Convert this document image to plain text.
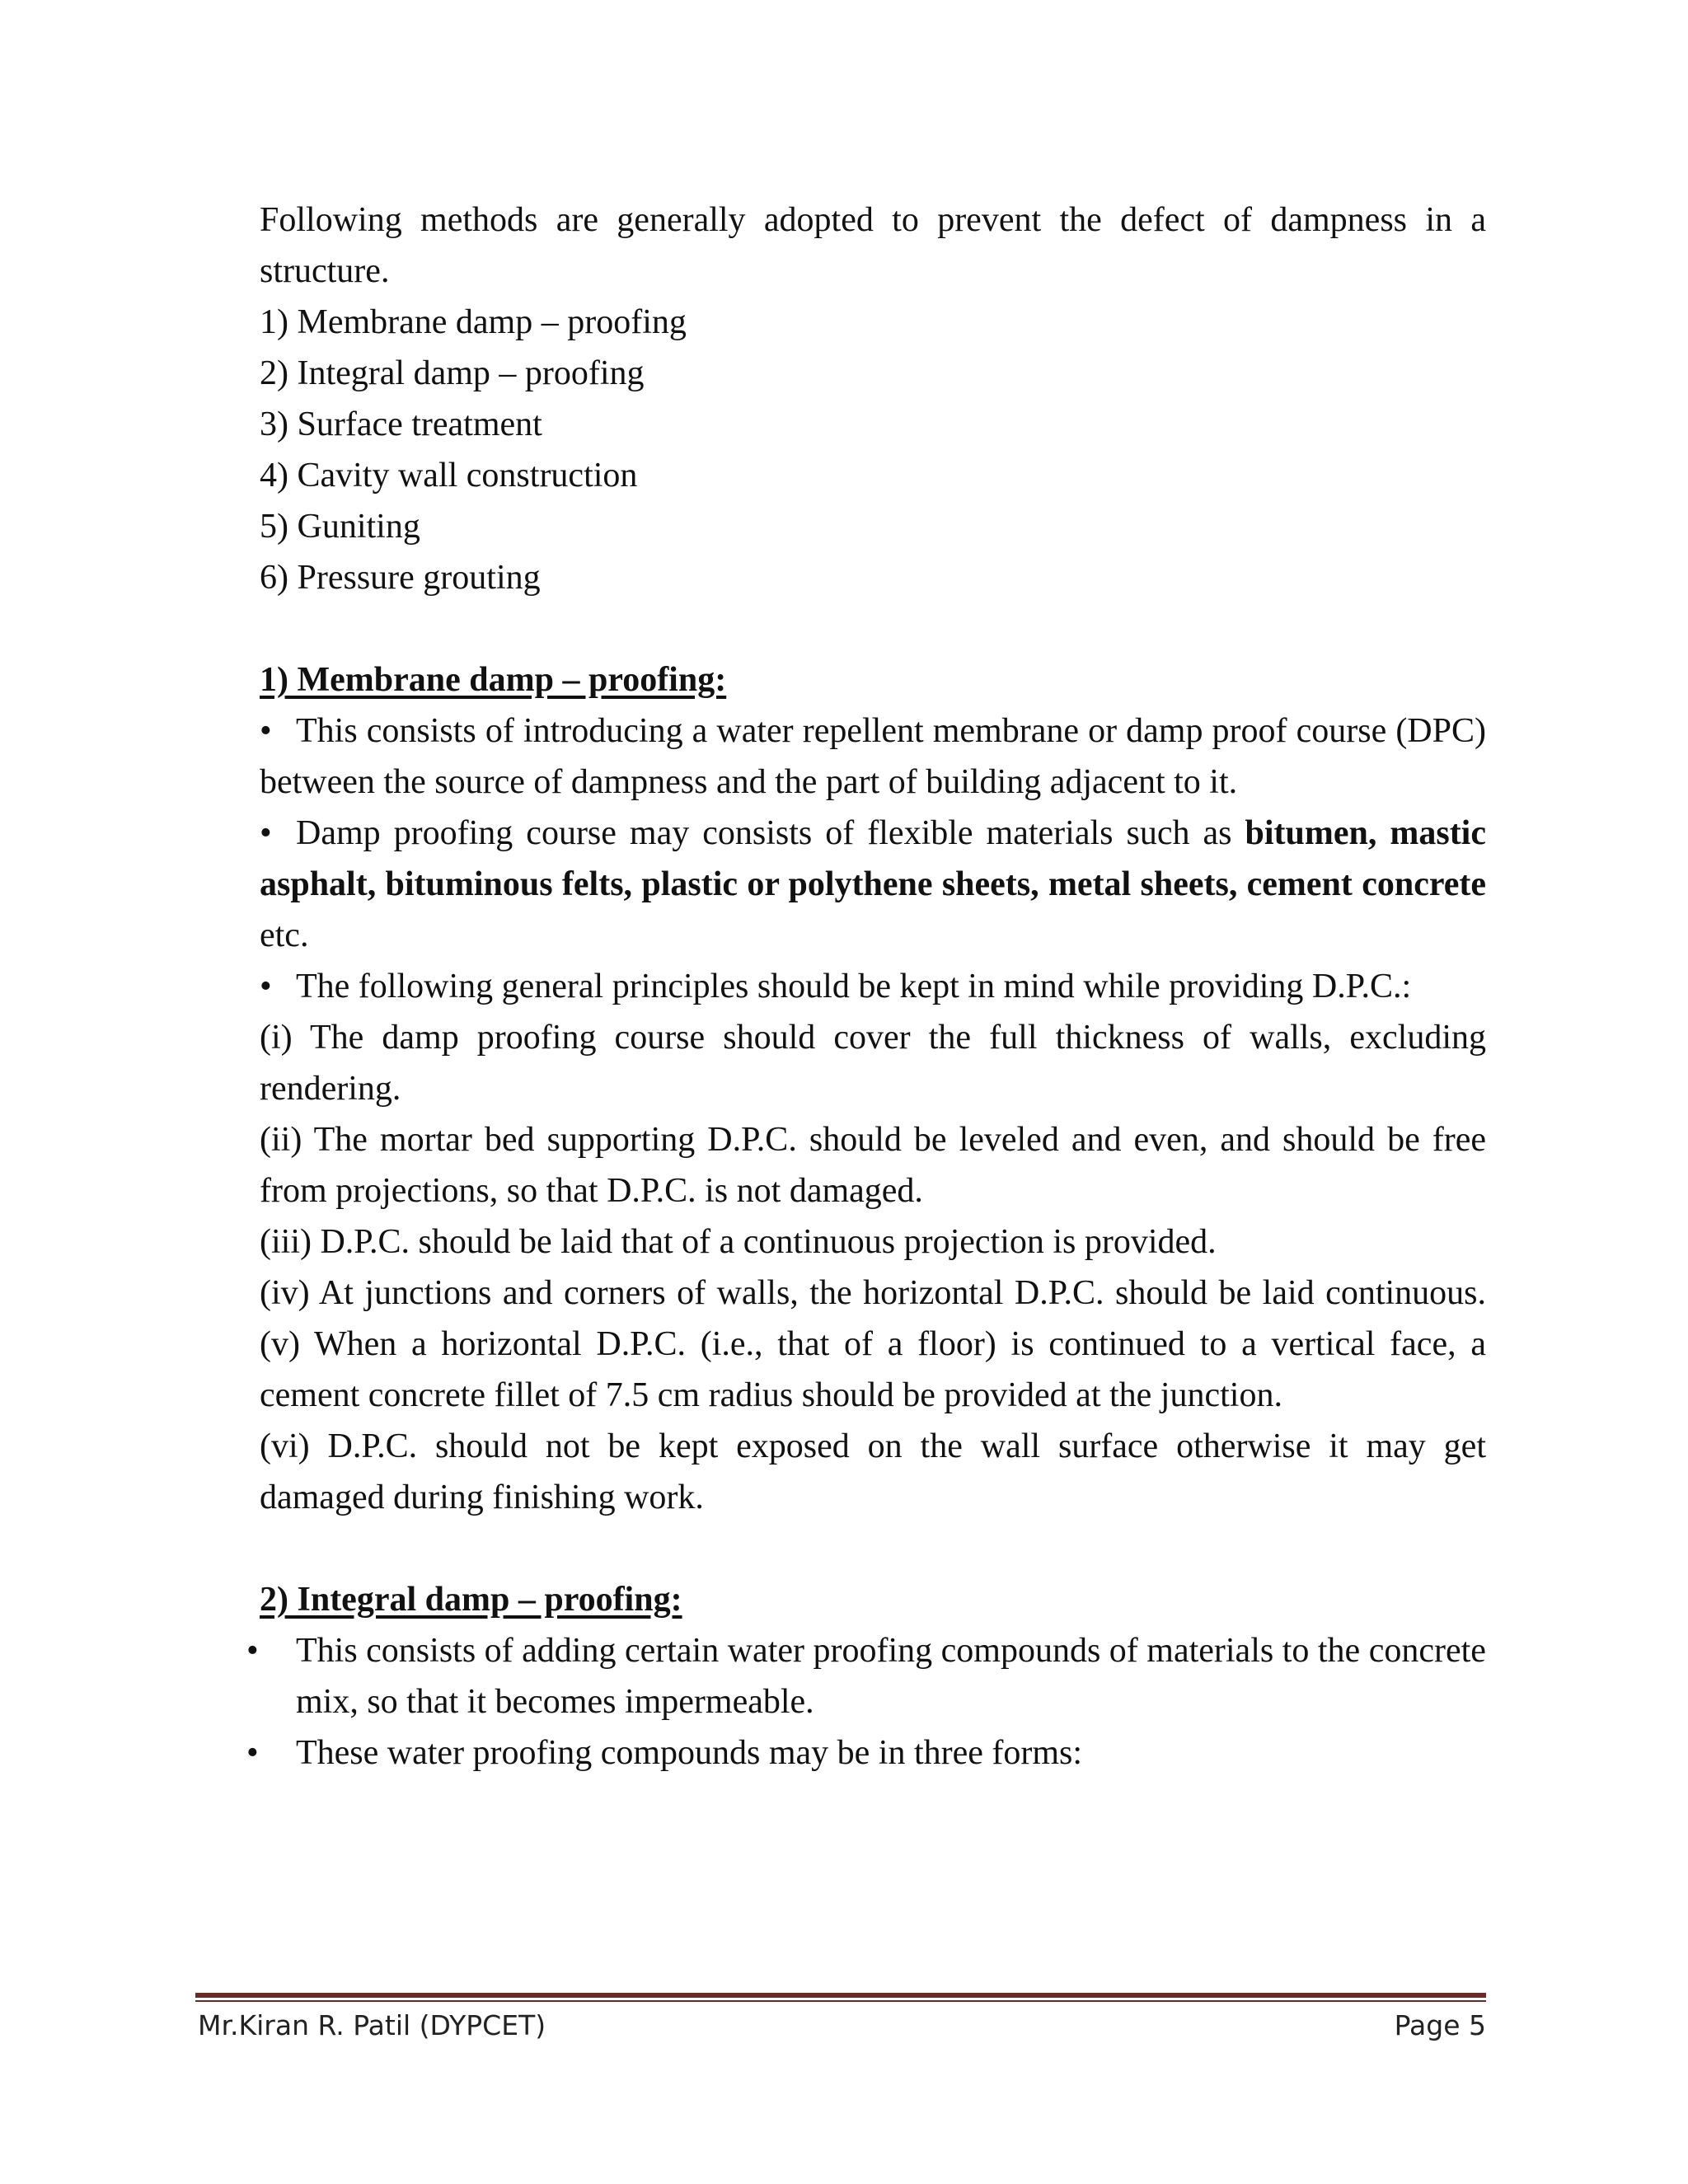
Following methods are generally adopted to prevent the defect of dampness in a structure.

1) Membrane damp – proofing
2) Integral damp – proofing
3) Surface treatment
4) Cavity wall construction
5) Guniting
6) Pressure grouting
1) Membrane damp – proofing:

• This consists of introducing a water repellent membrane or damp proof course (DPC) between the source of dampness and the part of building adjacent to it.

• Damp proofing course may consists of flexible materials such as bitumen, mastic asphalt, bituminous felts, plastic or polythene sheets, metal sheets, cement concrete etc.

• The following general principles should be kept in mind while providing D.P.C.:

(i) The damp proofing course should cover the full thickness of walls, excluding rendering.

(ii) The mortar bed supporting D.P.C. should be leveled and even, and should be free from projections, so that D.P.C. is not damaged.

(iii) D.P.C. should be laid that of a continuous projection is provided.

(iv) At junctions and corners of walls, the horizontal D.P.C. should be laid continuous. (v) When a horizontal D.P.C. (i.e., that of a floor) is continued to a vertical face, a cement concrete fillet of 7.5 cm radius should be provided at the junction.

(vi) D.P.C. should not be kept exposed on the wall surface otherwise it may get damaged during finishing work.

2) Integral damp – proofing:

• This consists of adding certain water proofing compounds of materials to the concrete mix, so that it becomes impermeable.

• These water proofing compounds may be in three forms:

Mr.Kiran R. Patil (DYPCET)	Page 5
